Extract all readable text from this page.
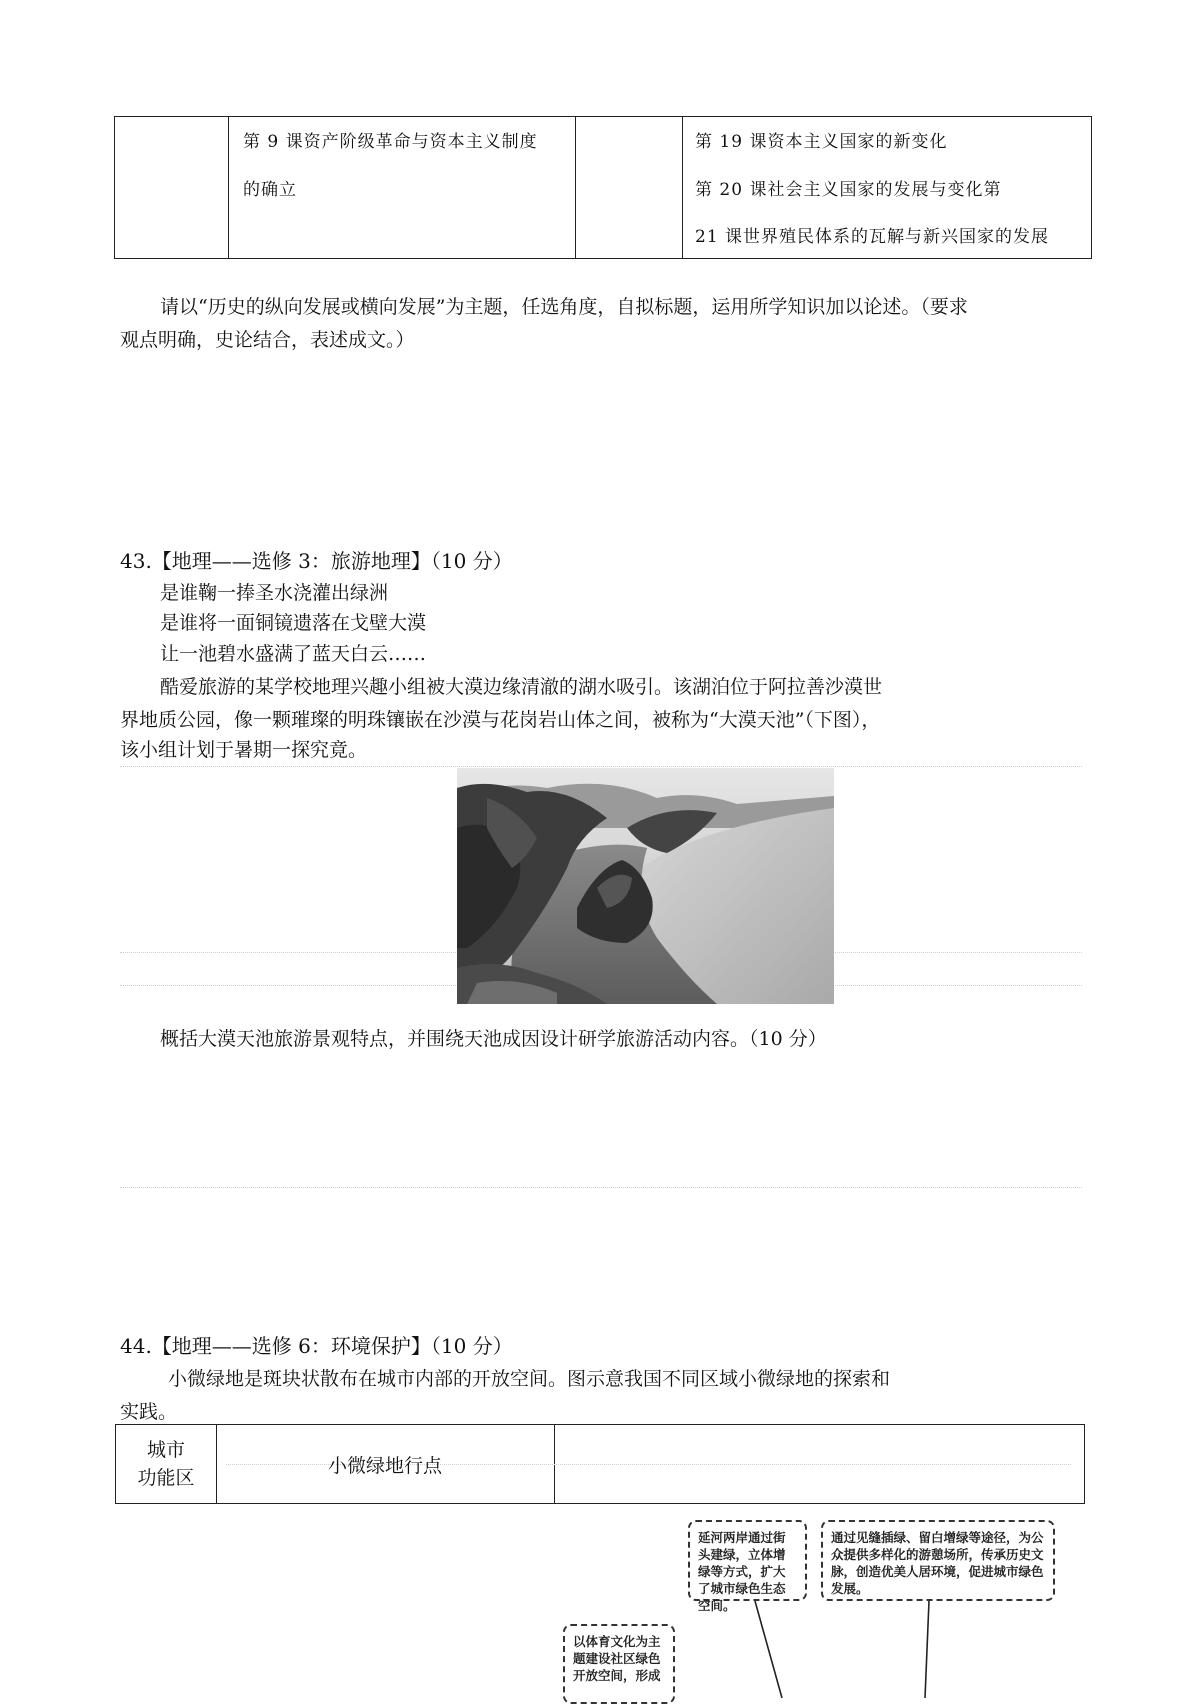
第 9 课资产阶级革命与资本主义制度
的确立
第 19 课资本主义国家的新变化
第 20 课社会主义国家的发展与变化第
21 课世界殖民体系的瓦解与新兴国家的发展
请以“历史的纵向发展或横向发展”为主题，任选角度，自拟标题，运用所学知识加以论述。（要求
观点明确，史论结合，表述成文。）
43.【地理——选修 3：旅游地理】（10 分）
是谁鞠一捧圣水浇灌出绿洲
是谁将一面铜镜遗落在戈壁大漠
让一池碧水盛满了蓝天白云……
酷爱旅游的某学校地理兴趣小组被大漠边缘清澈的湖水吸引。该湖泊位于阿拉善沙漠世
界地质公园，像一颗璀璨的明珠镶嵌在沙漠与花岗岩山体之间，被称为“大漠天池”（下图），
该小组计划于暑期一探究竟。
概括大漠天池旅游景观特点，并围绕天池成因设计研学旅游活动内容。（10 分）
44.【地理——选修 6：环境保护】（10 分）
小微绿地是斑块状散布在城市内部的开放空间。图示意我国不同区域小微绿地的探索和
实践。
城市
功能区
小微绿地行点
延河两岸通过街头建绿，立体增绿等方式，扩大了城市绿色生态空间。
通过见缝插绿、留白增绿等途径，为公众提供多样化的游憩场所，传承历史文脉，创造优美人居环境，促进城市绿色发展。
以体育文化为主题建设社区绿色开放空间，形成
